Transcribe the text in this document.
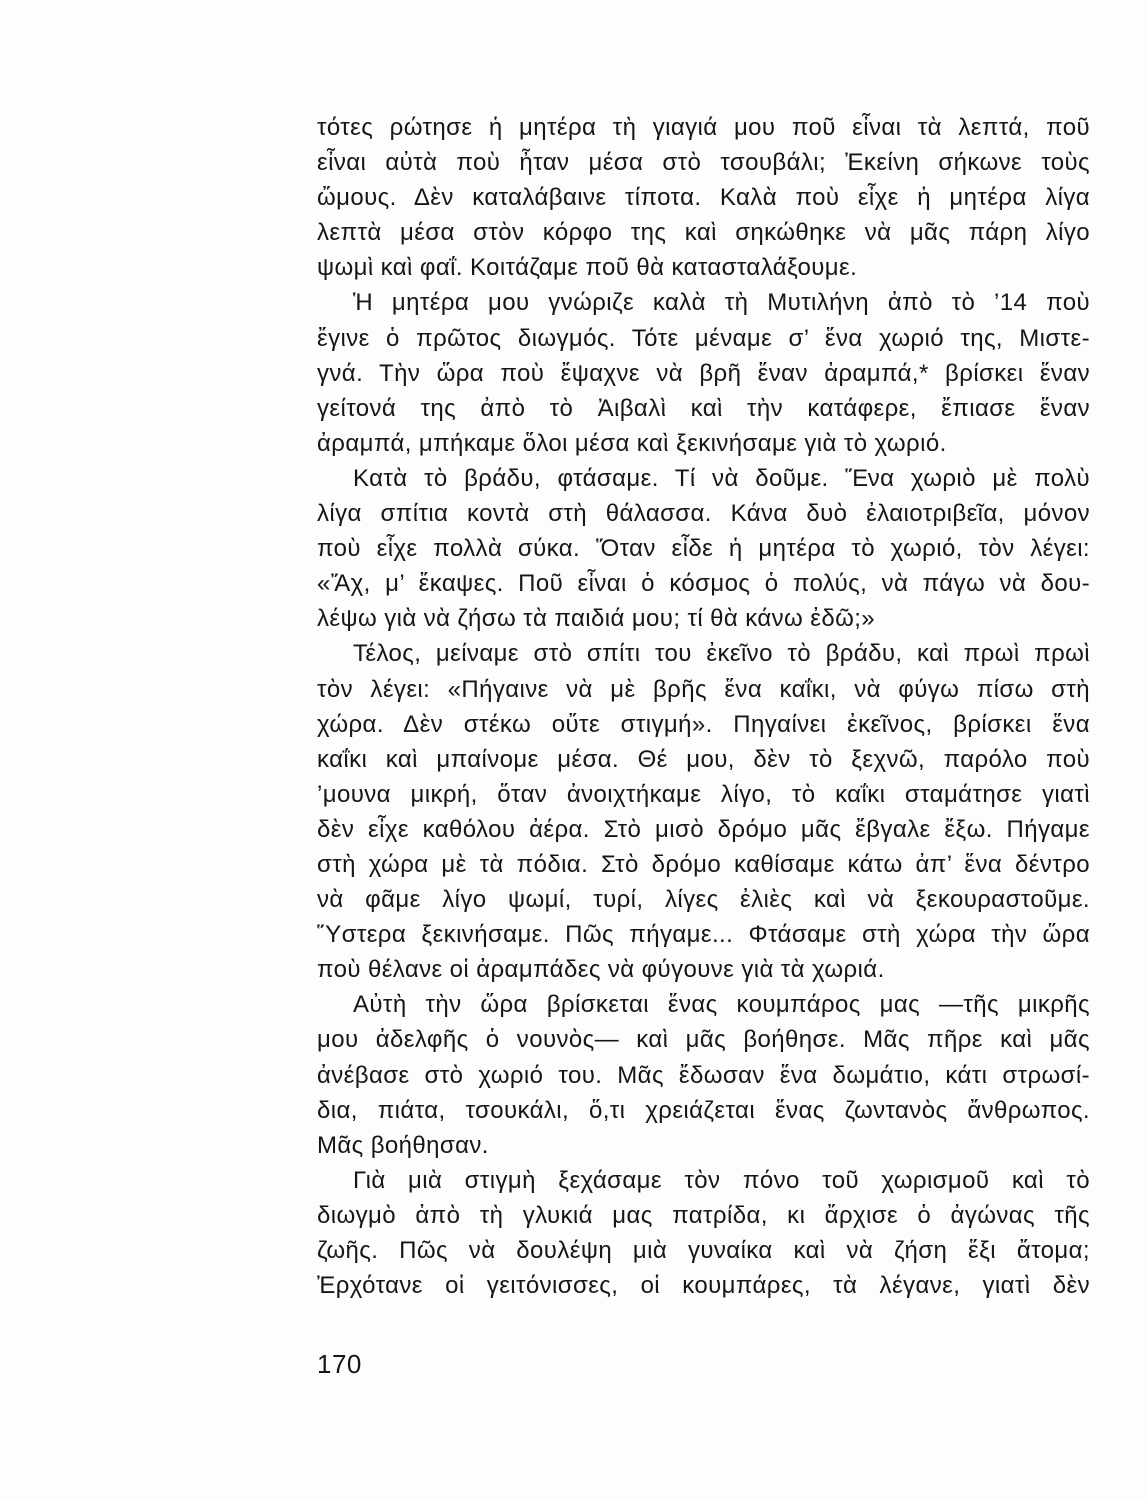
τότες ρώτησε ἡ μητέρα τὴ γιαγιά μου ποῦ εἶναι τὰ λεπτά, ποῦ
εἶναι αὐτὰ ποὺ ἦταν μέσα στὸ τσουβάλι; Ἐκείνη σήκωνε τοὺς
ὤμους. Δὲν καταλάβαινε τίποτα. Καλὰ ποὺ εἶχε ἡ μητέρα λίγα
λεπτὰ μέσα στὸν κόρφο της καὶ σηκώθηκε νὰ μᾶς πάρη λίγο
ψωμὶ καὶ φαΐ. Κοιτάζαμε ποῦ θὰ κατασταλάξουμε.
Ἡ μητέρα μου γνώριζε καλὰ τὴ Μυτιλήνη ἀπὸ τὸ ’14 ποὺ
ἔγινε ὁ πρῶτος διωγμός. Τότε μέναμε σ’ ἕνα χωριό της, Μιστε-
γνά. Τὴν ὥρα ποὺ ἔψαχνε νὰ βρῆ ἕναν ἀραμπά,* βρίσκει ἕναν
γείτονά της ἀπὸ τὸ Ἀιβαλὶ καὶ τὴν κατάφερε, ἔπιασε ἕναν
ἀραμπά, μπήκαμε ὅλοι μέσα καὶ ξεκινήσαμε γιὰ τὸ χωριό.
Κατὰ τὸ βράδυ, φτάσαμε. Τί νὰ δοῦμε. Ἕνα χωριὸ μὲ πολὺ
λίγα σπίτια κοντὰ στὴ θάλασσα. Κάνα δυὸ ἐλαιοτριβεῖα, μόνον
ποὺ εἶχε πολλὰ σύκα. Ὅταν εἶδε ἡ μητέρα τὸ χωριό, τὸν λέγει:
«Ἄχ, μ’ ἔκαψες. Ποῦ εἶναι ὁ κόσμος ὁ πολύς, νὰ πάγω νὰ δου-
λέψω γιὰ νὰ ζήσω τὰ παιδιά μου; τί θὰ κάνω ἐδῶ;»
Τέλος, μείναμε στὸ σπίτι του ἐκεῖνο τὸ βράδυ, καὶ πρωὶ πρωὶ
τὸν λέγει: «Πήγαινε νὰ μὲ βρῆς ἕνα καΐκι, νὰ φύγω πίσω στὴ
χώρα. Δὲν στέκω οὔτε στιγμή». Πηγαίνει ἐκεῖνος, βρίσκει ἕνα
καΐκι καὶ μπαίνομε μέσα. Θέ μου, δὲν τὸ ξεχνῶ, παρόλο ποὺ
’μουνα μικρή, ὅταν ἀνοιχτήκαμε λίγο, τὸ καΐκι σταμάτησε γιατὶ
δὲν εἶχε καθόλου ἀέρα. Στὸ μισὸ δρόμο μᾶς ἔβγαλε ἔξω. Πήγαμε
στὴ χώρα μὲ τὰ πόδια. Στὸ δρόμο καθίσαμε κάτω ἀπ’ ἕνα δέντρο
νὰ φᾶμε λίγο ψωμί, τυρί, λίγες ἐλιὲς καὶ νὰ ξεκουραστοῦμε.
Ὕστερα ξεκινήσαμε. Πῶς πήγαμε... Φτάσαμε στὴ χώρα τὴν ὥρα
ποὺ θέλανε οἱ ἀραμπάδες νὰ φύγουνε γιὰ τὰ χωριά.
Αὐτὴ τὴν ὥρα βρίσκεται ἕνας κουμπάρος μας —τῆς μικρῆς
μου ἀδελφῆς ὁ νουνὸς— καὶ μᾶς βοήθησε. Μᾶς πῆρε καὶ μᾶς
ἀνέβασε στὸ χωριό του. Μᾶς ἔδωσαν ἕνα δωμάτιο, κάτι στρωσί-
δια, πιάτα, τσουκάλι, ὅ,τι χρειάζεται ἕνας ζωντανὸς ἄνθρωπος.
Μᾶς βοήθησαν.
Γιὰ μιὰ στιγμὴ ξεχάσαμε τὸν πόνο τοῦ χωρισμοῦ καὶ τὸ
διωγμὸ ἀπὸ τὴ γλυκιά μας πατρίδα, κι ἄρχισε ὁ ἀγώνας τῆς
ζωῆς. Πῶς νὰ δουλέψη μιὰ γυναίκα καὶ νὰ ζήση ἕξι ἄτομα;
Ἐρχότανε οἱ γειτόνισσες, οἱ κουμπάρες, τὰ λέγανε, γιατὶ δὲν
170
